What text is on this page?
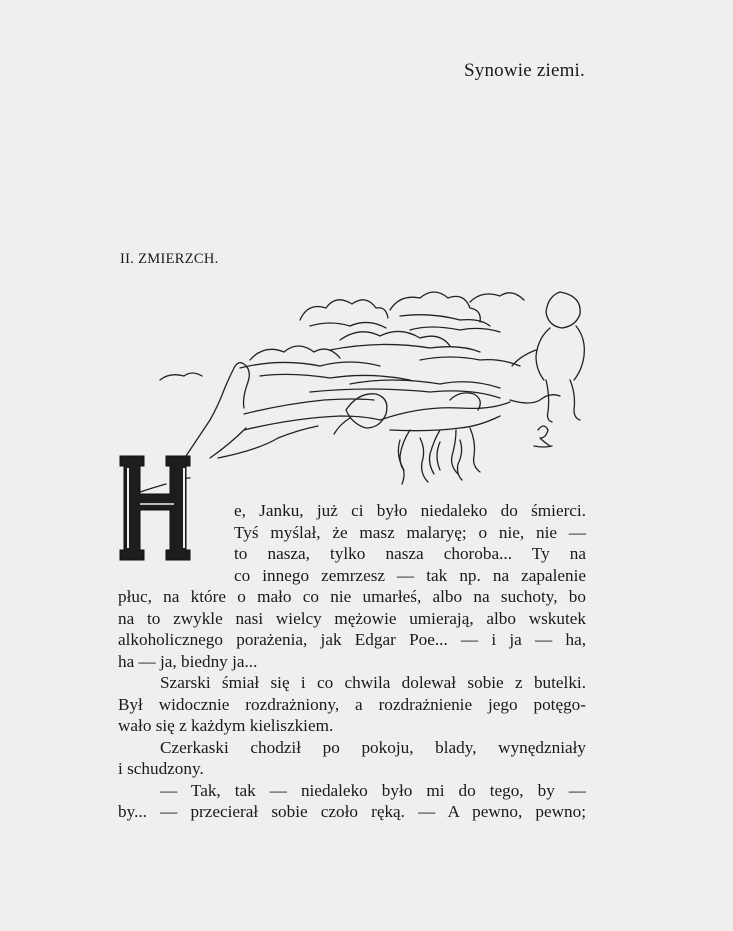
Synowie ziemi.
II. ZMIERZCH.
e, Janku, już ci było niedaleko do śmierci.
Tyś myślał, że masz malaryę; o nie, nie —
to nasza, tylko nasza choroba... Ty na
co innego zemrzesz — tak np. na zapalenie
płuc, na które o mało co nie umarłeś, albo na suchoty, bo
na to zwykle nasi wielcy mężowie umierają, albo wskutek
alkoholicznego porażenia, jak Edgar Poe... — i ja — ha,
ha — ja, biedny ja...
Szarski śmiał się i co chwila dolewał sobie z butelki.
Był widocznie rozdrażniony, a rozdrażnienie jego potęgo-
wało się z każdym kieliszkiem.
Czerkaski chodził po pokoju, blady, wynędzniały
i schudzony.
— Tak, tak — niedaleko było mi do tego, by —
by... — przecierał sobie czoło ręką. — A pewno, pewno;
